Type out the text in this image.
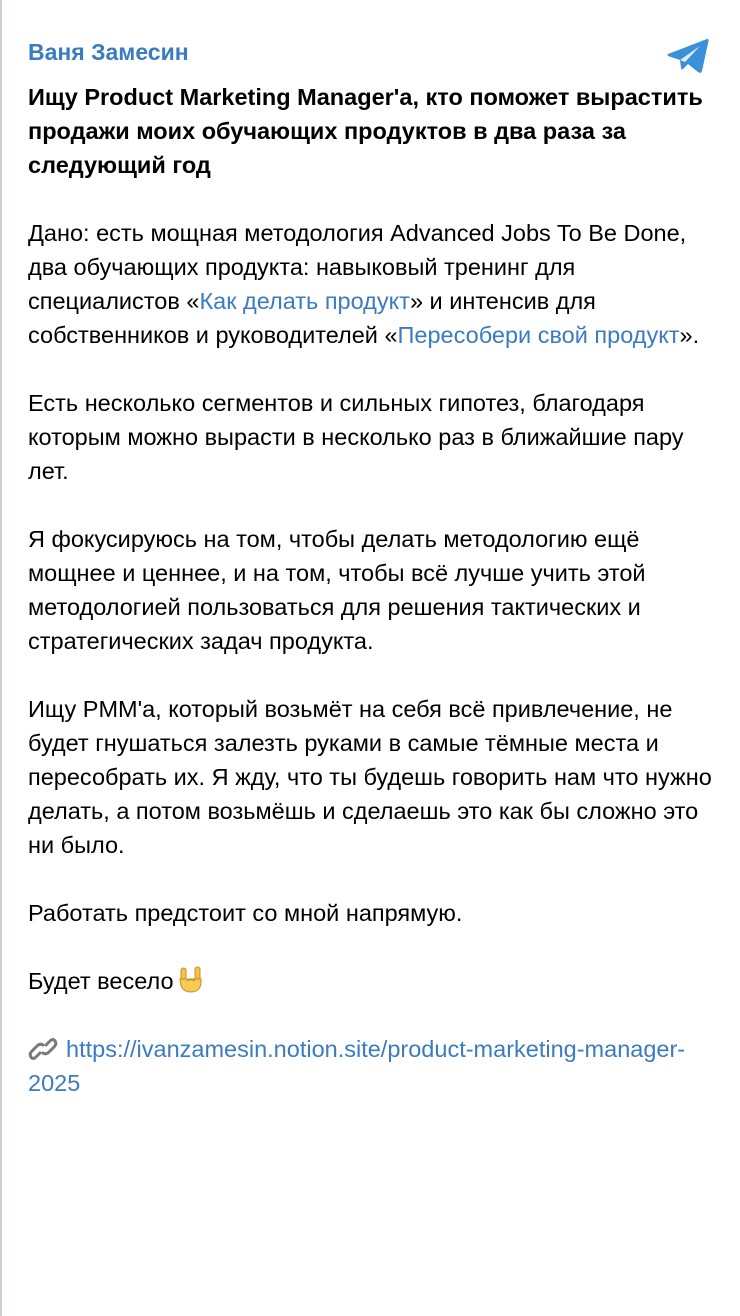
Ваня Замесин
Ищу Product Marketing Manager'a, кто поможет вырастить продажи моих обучающих продуктов в два раза за следующий год
Дано: есть мощная методология Advanced Jobs To Be Done, два обучающих продукта: навыковый тренинг для специалистов «Как делать продукт» и интенсив для собственников и руководителей «Пересобери свой продукт».
Есть несколько сегментов и сильных гипотез, благодаря которым можно выраcти в несколько раз в ближайшие пару лет.
Я фокусируюсь на том, чтобы делать методологию ещё мощнее и ценнее, и на том, чтобы всё лучше учить этой методологией пользоваться для решения тактических и стратегических задач продукта.
Ищу PMM'a, который возьмёт на себя всё привлечение, не будет гнушаться залезть руками в самые тёмные места и пересобрать их. Я жду, что ты будешь говорить нам что нужно делать, а потом возьмёшь и сделаешь это как бы сложно это ни было.
Работать предстоит со мной напрямую.
Будет весело
https://ivanzamesin.notion.site/product-marketing-manager-2025
